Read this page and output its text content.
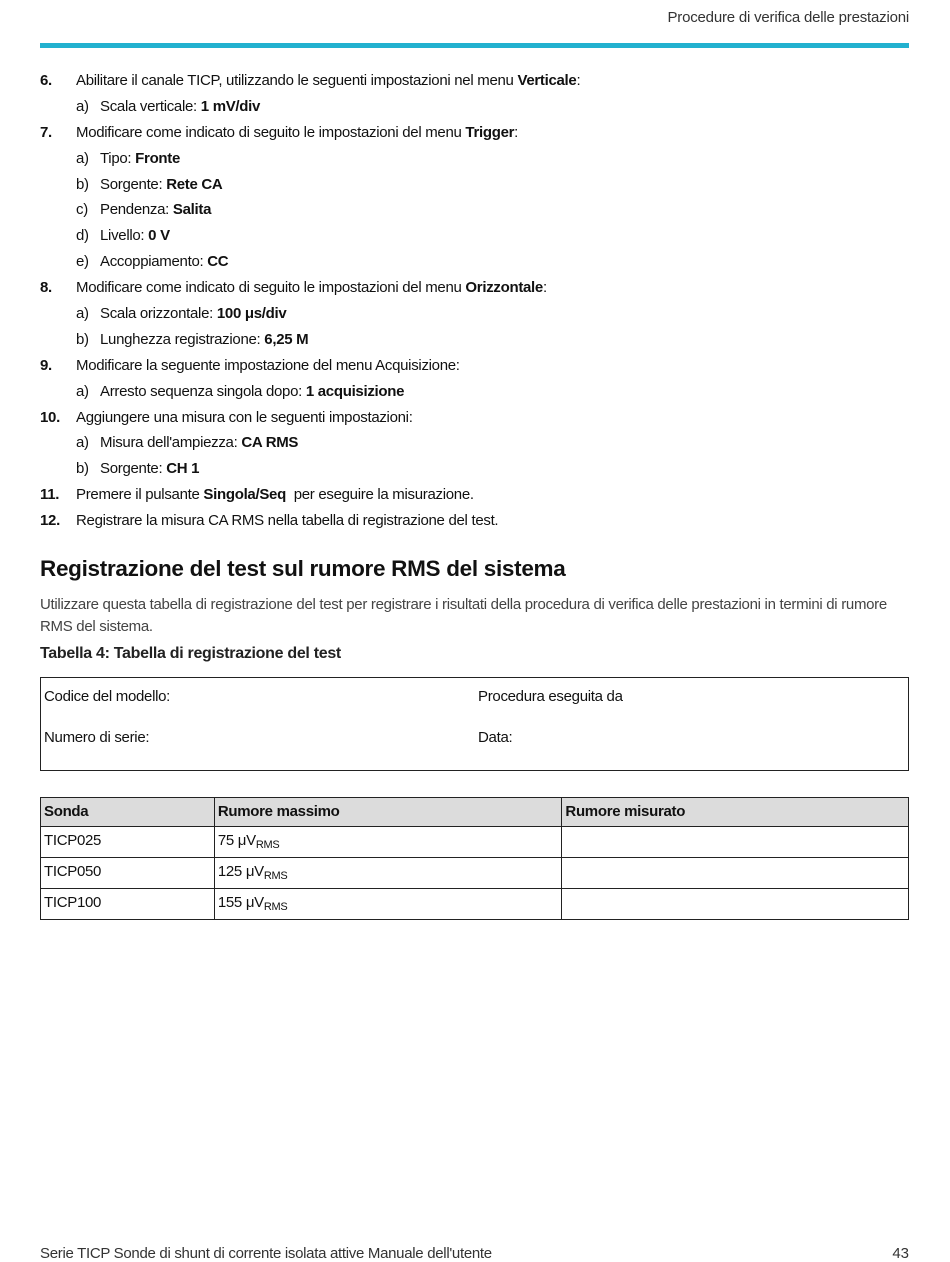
Procedure di verifica delle prestazioni
6.	Abilitare il canale TICP, utilizzando le seguenti impostazioni nel menu Verticale:
a) Scala verticale: 1 mV/div
7.	Modificare come indicato di seguito le impostazioni del menu Trigger:
a) Tipo: Fronte
b) Sorgente: Rete CA
c) Pendenza: Salita
d) Livello: 0 V
e) Accoppiamento: CC
8.	Modificare come indicato di seguito le impostazioni del menu Orizzontale:
a) Scala orizzontale: 100 μs/div
b) Lunghezza registrazione: 6,25 M
9.	Modificare la seguente impostazione del menu Acquisizione:
a) Arresto sequenza singola dopo: 1 acquisizione
10.	Aggiungere una misura con le seguenti impostazioni:
a) Misura dell'ampiezza: CA RMS
b) Sorgente: CH 1
11.	Premere il pulsante Singola/Seq  per eseguire la misurazione.
12.	Registrare la misura CA RMS nella tabella di registrazione del test.
Registrazione del test sul rumore RMS del sistema

Utilizzare questa tabella di registrazione del test per registrare i risultati della procedura di verifica delle prestazioni in termini di rumore RMS del sistema.

Tabella 4: Tabella di registrazione del test
Codice del modello:	Procedura eseguita da
Numero di serie:	Data:
Sonda	Rumore massimo	Rumore misurato
TICP025	75 $\mu V_{RMS}$	
TICP050	125 $\mu V_{RMS}$	
TICP100	155 $\mu V_{RMS}$	
Serie TICP Sonde di shunt di corrente isolata attive Manuale dell'utente	43
